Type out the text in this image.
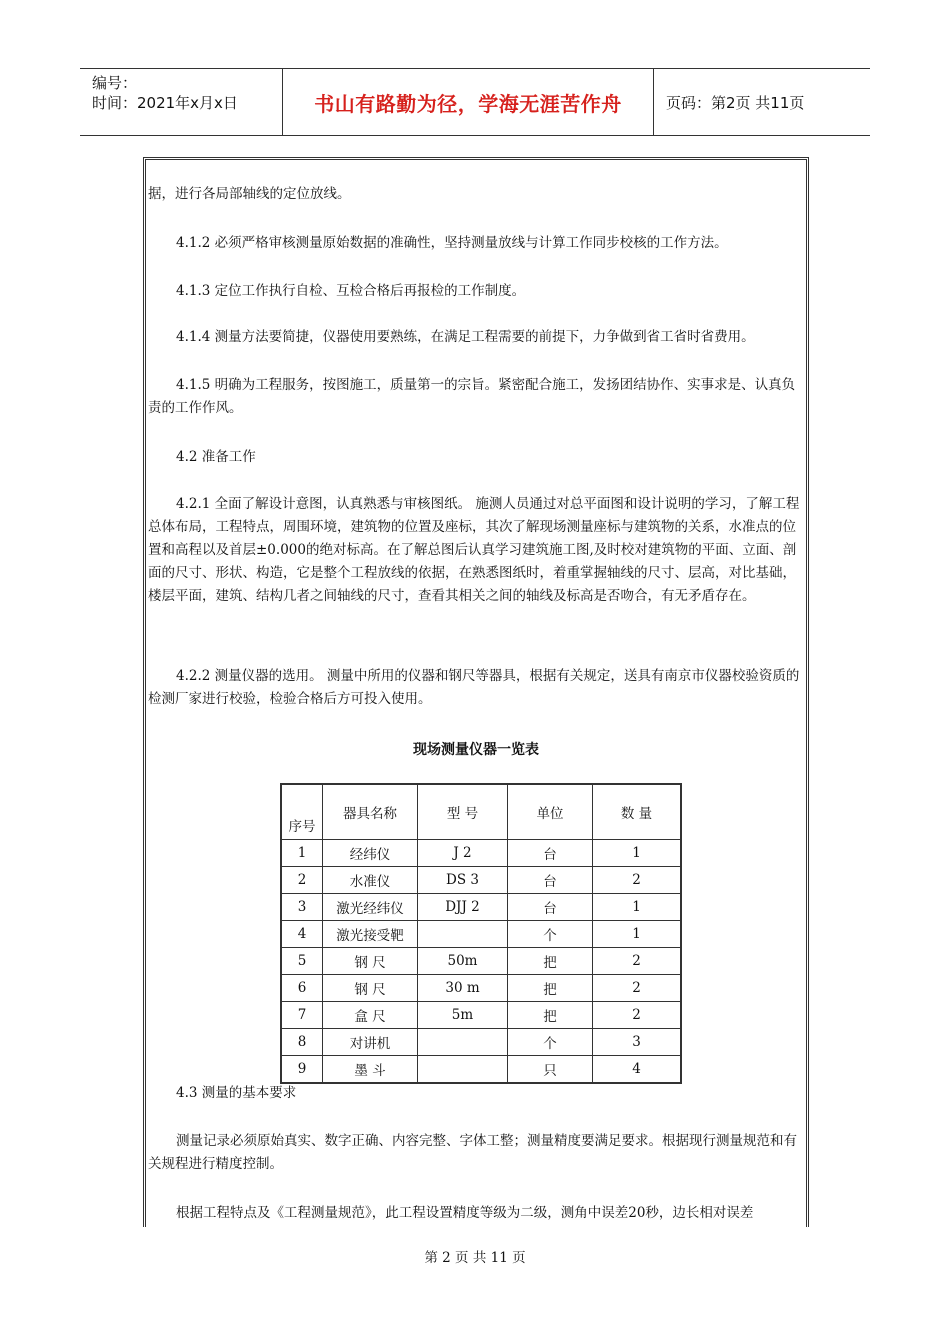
编号：
时间：2021年x月x日	书山有路勤为径，学海无涯苦作舟	页码：第2页 共11页

据，进行各局部轴线的定位放线。

4.1.2 必须严格审核测量原始数据的准确性，坚持测量放线与计算工作同步校核的工作方法。

4.1.3 定位工作执行自检、互检合格后再报检的工作制度。

4.1.4 测量方法要简捷，仪器使用要熟练，在满足工程需要的前提下，力争做到省工省时省费用。

4.1.5 明确为工程服务，按图施工，质量第一的宗旨。紧密配合施工，发扬团结协作、实事求是、认真负责的工作作风。

4.2 准备工作

4.2.1 全面了解设计意图，认真熟悉与审核图纸。 施测人员通过对总平面图和设计说明的学习，了解工程总体布局，工程特点，周围环境，建筑物的位置及座标，其次了解现场测量座标与建筑物的关系，水准点的位置和高程以及首层±0.000的绝对标高。在了解总图后认真学习建筑施工图,及时校对建筑物的平面、立面、剖面的尺寸、形状、构造，它是整个工程放线的依据，在熟悉图纸时，着重掌握轴线的尺寸、层高，对比基础，楼层平面，建筑、结构几者之间轴线的尺寸，查看其相关之间的轴线及标高是否吻合，有无矛盾存在。

4.2.2 测量仪器的选用。 测量中所用的仪器和钢尺等器具，根据有关规定，送具有南京市仪器校验资质的检测厂家进行校验，检验合格后方可投入使用。

现场测量仪器一览表
序号	器具名称	型 号	单位	数 量
1	经纬仪	J 2	台	1
2	水准仪	DS 3	台	2
3	激光经纬仪	DJJ 2	台	1
4	激光接受靶		个	1
5	钢 尺	50m	把	2
6	钢 尺	30 m	把	2
7	盒 尺	5m	把	2
8	对讲机		个	3
9	墨 斗		只	4

4.3 测量的基本要求

测量记录必须原始真实、数字正确、内容完整、字体工整；测量精度要满足要求。根据现行测量规范和有关规程进行精度控制。

根据工程特点及《工程测量规范》，此工程设置精度等级为二级，测角中误差20秒，边长相对误差

第 2 页 共 11 页
